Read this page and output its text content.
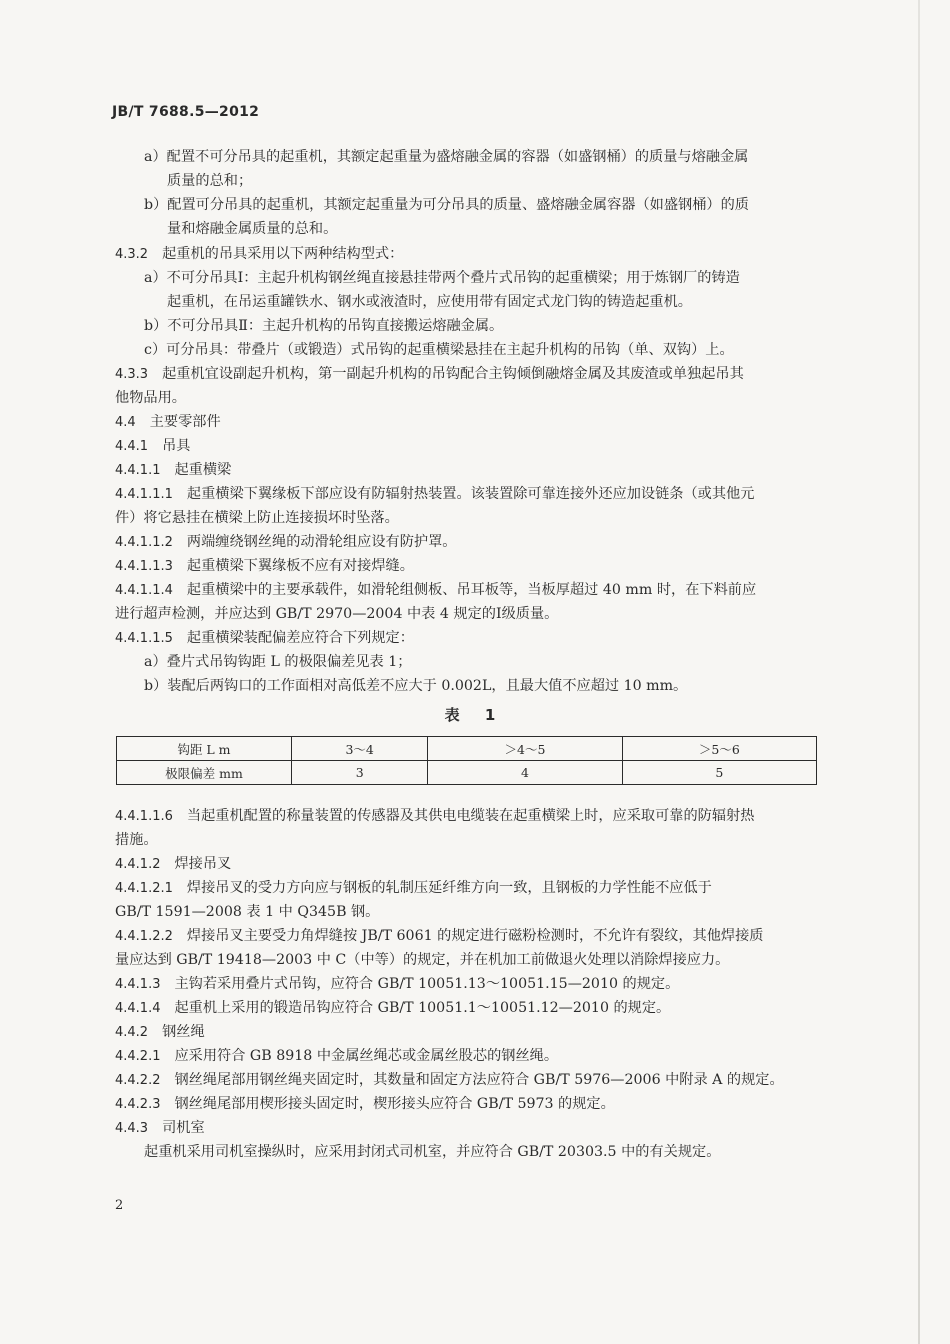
JB/T 7688.5—2012
a）配置不可分吊具的起重机，其额定起重量为盛熔融金属的容器（如盛钢桶）的质量与熔融金属
质量的总和；
b）配置可分吊具的起重机，其额定起重量为可分吊具的质量、盛熔融金属容器（如盛钢桶）的质
量和熔融金属质量的总和。
4.3.2 起重机的吊具采用以下两种结构型式：
a）不可分吊具Ⅰ：主起升机构钢丝绳直接悬挂带两个叠片式吊钩的起重横梁；用于炼钢厂的铸造
起重机，在吊运重罐铁水、钢水或液渣时，应使用带有固定式龙门钩的铸造起重机。
b）不可分吊具Ⅱ：主起升机构的吊钩直接搬运熔融金属。
c）可分吊具：带叠片（或锻造）式吊钩的起重横梁悬挂在主起升机构的吊钩（单、双钩）上。
4.3.3 起重机宜设副起升机构，第一副起升机构的吊钩配合主钩倾倒融熔金属及其废渣或单独起吊其
他物品用。
4.4 主要零部件
4.4.1 吊具
4.4.1.1 起重横梁
4.4.1.1.1 起重横梁下翼缘板下部应设有防辐射热装置。该装置除可靠连接外还应加设链条（或其他元
件）将它悬挂在横梁上防止连接损坏时坠落。
4.4.1.1.2 两端缠绕钢丝绳的动滑轮组应设有防护罩。
4.4.1.1.3 起重横梁下翼缘板不应有对接焊缝。
4.4.1.1.4 起重横梁中的主要承载件，如滑轮组侧板、吊耳板等，当板厚超过 40 mm 时，在下料前应
进行超声检测，并应达到 GB/T 2970—2004 中表 4 规定的Ⅰ级质量。
4.4.1.1.5 起重横梁装配偏差应符合下列规定：
a）叠片式吊钩钩距 L 的极限偏差见表 1；
b）装配后两钩口的工作面相对高低差不应大于 0.002L，且最大值不应超过 10 mm。
4.4.1.1.6 当起重机配置的称量装置的传感器及其供电电缆装在起重横梁上时，应采取可靠的防辐射热
措施。
4.4.1.2 焊接吊叉
4.4.1.2.1 焊接吊叉的受力方向应与钢板的轧制压延纤维方向一致，且钢板的力学性能不应低于
GB/T 1591—2008 表 1 中 Q345B 钢。
4.4.1.2.2 焊接吊叉主要受力角焊缝按 JB/T 6061 的规定进行磁粉检测时，不允许有裂纹，其他焊接质
量应达到 GB/T 19418—2003 中 C（中等）的规定，并在机加工前做退火处理以消除焊接应力。
4.4.1.3 主钩若采用叠片式吊钩，应符合 GB/T 10051.13～10051.15—2010 的规定。
4.4.1.4 起重机上采用的锻造吊钩应符合 GB/T 10051.1～10051.12—2010 的规定。
4.4.2 钢丝绳
4.4.2.1 应采用符合 GB 8918 中金属丝绳芯或金属丝股芯的钢丝绳。
4.4.2.2 钢丝绳尾部用钢丝绳夹固定时，其数量和固定方法应符合 GB/T 5976—2006 中附录 A 的规定。
4.4.2.3 钢丝绳尾部用楔形接头固定时，楔形接头应符合 GB/T 5973 的规定。
4.4.3 司机室
起重机采用司机室操纵时，应采用封闭式司机室，并应符合 GB/T 20303.5 中的有关规定。
表 1
钩距 L m	3～4	＞4～5	＞5～6
极限偏差 mm	3	4	5
2
